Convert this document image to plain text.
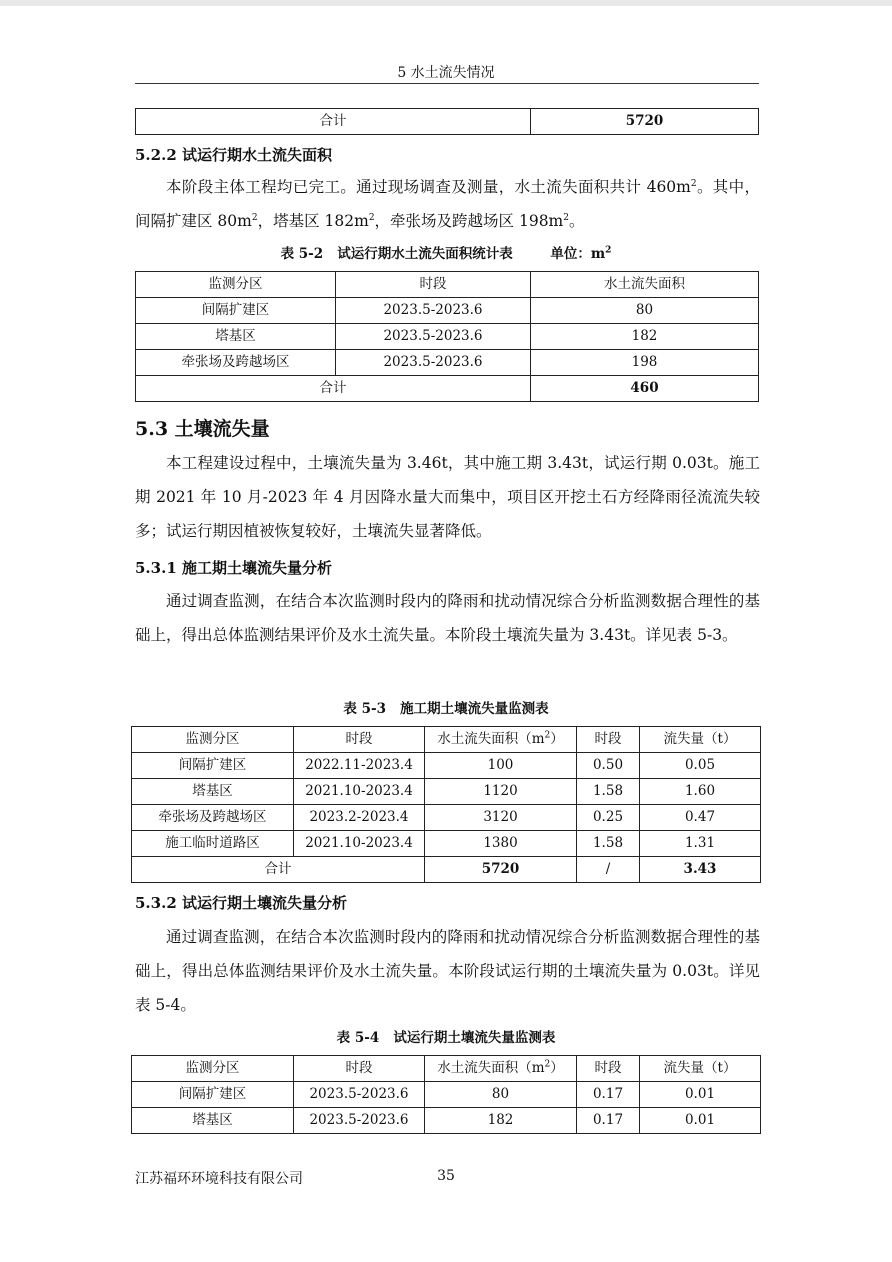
5 水土流失情况
合计	5720
5.2.2 试运行期水土流失面积

本阶段主体工程均已完工。通过现场调查及测量，水土流失面积共计 $460m^2$。其中，间隔扩建区 $80m^2$，塔基区 $182m^2$，牵张场及跨越场区 $198m^2$。

表 5-2 试运行期水土流失面积统计表	单位：$m^2$
监测分区	时段	水土流失面积
间隔扩建区	2023.5-2023.6	80
塔基区	2023.5-2023.6	182
牵张场及跨越场区	2023.5-2023.6	198
合计		460
5.3 土壤流失量

本工程建设过程中，土壤流失量为 3.46t，其中施工期 3.43t，试运行期 0.03t。施工期 2021 年 10 月-2023 年 4 月因降水量大而集中，项目区开挖土石方经降雨径流流失较多；试运行期因植被恢复较好，土壤流失显著降低。

5.3.1 施工期土壤流失量分析

通过调查监测，在结合本次监测时段内的降雨和扰动情况综合分析监测数据合理性的基础上，得出总体监测结果评价及水土流失量。本阶段土壤流失量为 3.43t。详见表 5-3。

表 5-3 施工期土壤流失量监测表
监测分区	时段	水土流失面积$(m^2)$	时段	流失量（t）
间隔扩建区	2022.11-2023.4	100	0.50	0.05
塔基区	2021.10-2023.4	1120	1.58	1.60
牵张场及跨越场区	2023.2-2023.4	3120	0.25	0.47
施工临时道路区	2021.10-2023.4	1380	1.58	1.31
合计		5720	/	3.43
5.3.2 试运行期土壤流失量分析

通过调查监测，在结合本次监测时段内的降雨和扰动情况综合分析监测数据合理性的基础上，得出总体监测结果评价及水土流失量。本阶段试运行期的土壤流失量为 0.03t。详见表 5-4。

表 5-4 试运行期土壤流失量监测表
监测分区	时段	水土流失面积$(m^2)$	时段	流失量（t）
间隔扩建区	2023.5-2023.6	80	0.17	0.01
塔基区	2023.5-2023.6	182	0.17	0.01
江苏福环环境科技有限公司	35
